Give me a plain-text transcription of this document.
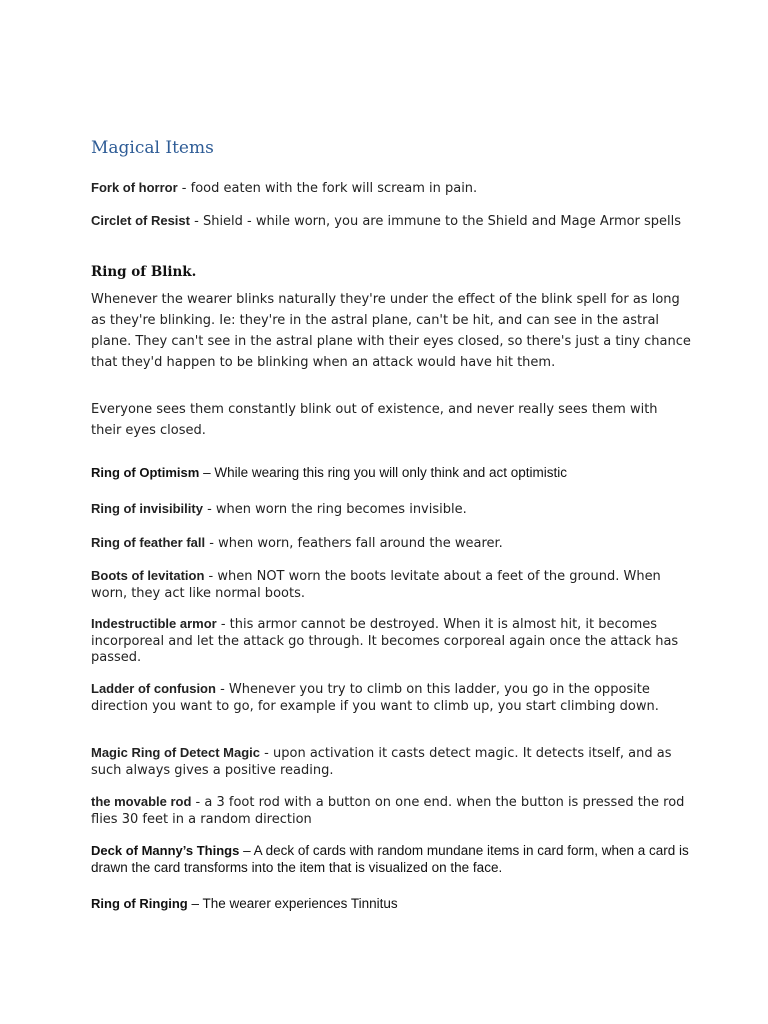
Magical Items

Fork of horror - food eaten with the fork will scream in pain.

Circlet of Resist - Shield - while worn, you are immune to the Shield and Mage Armor spells

Ring of Blink.

Whenever the wearer blinks naturally they're under the effect of the blink spell for as long as they're blinking. Ie: they're in the astral plane, can't be hit, and can see in the astral plane. They can't see in the astral plane with their eyes closed, so there's just a tiny chance that they'd happen to be blinking when an attack would have hit them.

Everyone sees them constantly blink out of existence, and never really sees them with their eyes closed.

Ring of Optimism – While wearing this ring you will only think and act optimistic

Ring of invisibility - when worn the ring becomes invisible.

Ring of feather fall - when worn, feathers fall around the wearer.

Boots of levitation - when NOT worn the boots levitate about a feet of the ground. When worn, they act like normal boots.

Indestructible armor - this armor cannot be destroyed. When it is almost hit, it becomes incorporeal and let the attack go through. It becomes corporeal again once the attack has passed.

Ladder of confusion - Whenever you try to climb on this ladder, you go in the opposite direction you want to go, for example if you want to climb up, you start climbing down.

Magic Ring of Detect Magic - upon activation it casts detect magic. It detects itself, and as such always gives a positive reading.

the movable rod - a 3 foot rod with a button on one end. when the button is pressed the rod flies 30 feet in a random direction

Deck of Manny’s Things – A deck of cards with random mundane items in card form, when a card is drawn the card transforms into the item that is visualized on the face.

Ring of Ringing – The wearer experiences Tinnitus
